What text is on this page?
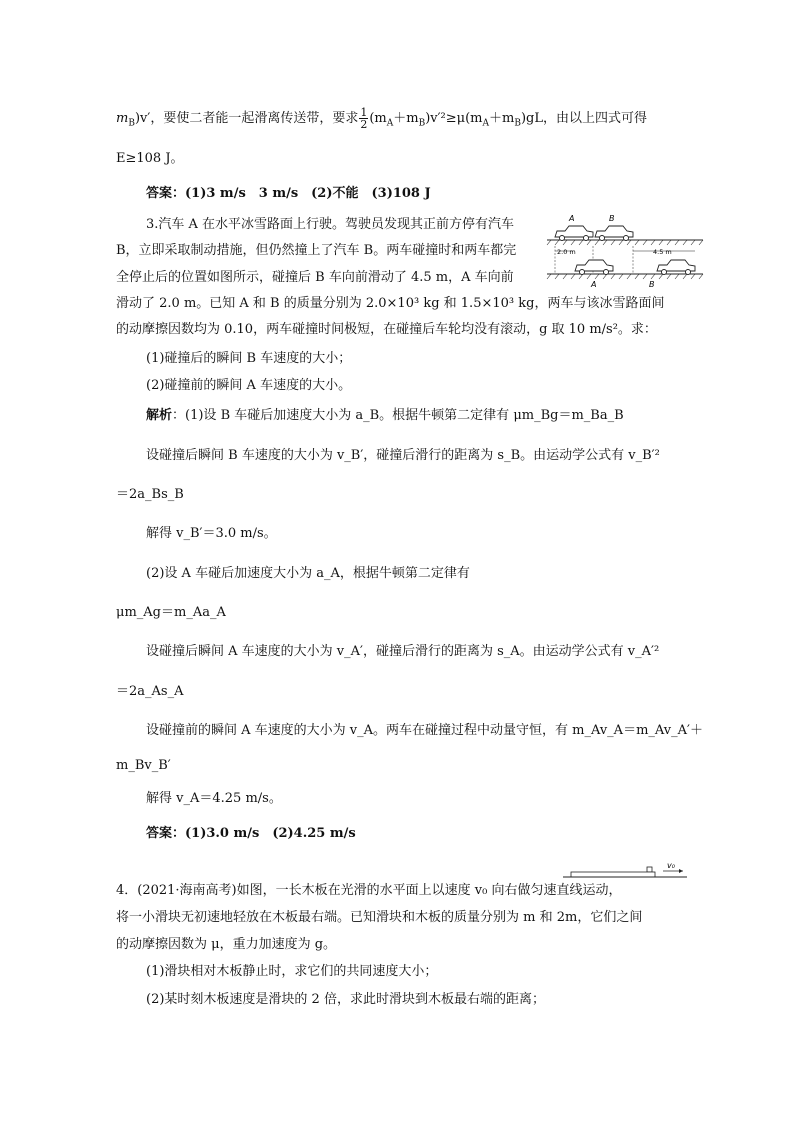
$m_B)v'$，要使二者能一起滑离传送带，要求 $\frac{1}{2} (m_A+m_B)v'^2\ge\mu(m_A+m_B)gL$，由以上四式可得
E≥108 J。
答案：(1)3 m/s　3 m/s　(2)不能　(3)108 J
3.汽车 A 在水平冰雪路面上行驶。驾驶员发现其正前方停有汽车
B，立即采取制动措施，但仍然撞上了汽车 B。两车碰撞时和两车都完
全停止后的位置如图所示，碰撞后 B 车向前滑动了 4.5 m，A 车向前
滑动了 2.0 m。已知 A 和 B 的质量分别为 2.0×10³ kg 和 1.5×10³ kg，两车与该冰雪路面间
的动摩擦因数均为 0.10，两车碰撞时间极短，在碰撞后车轮均没有滚动，g 取 10 m/s²。求：
(1)碰撞后的瞬间 B 车速度的大小；
(2)碰撞前的瞬间 A 车速度的大小。
A	B
2.0 m	4.5 m
A	B
解析：(1)设 B 车碰后加速度大小为 a_B。根据牛顿第二定律有 μm_Bg＝m_Ba_B
设碰撞后瞬间 B 车速度的大小为 v_B′，碰撞后滑行的距离为 s_B。由运动学公式有 v_B′²
＝2a_Bs_B
解得 v_B′＝3.0 m/s。
(2)设 A 车碰后加速度大小为 a_A，根据牛顿第二定律有
μm_Ag＝m_Aa_A
设碰撞后瞬间 A 车速度的大小为 v_A′，碰撞后滑行的距离为 s_A。由运动学公式有 v_A′²
＝2a_As_A
设碰撞前的瞬间 A 车速度的大小为 v_A。两车在碰撞过程中动量守恒，有 m_Av_A＝m_Av_A′＋
m_Bv_B′
解得 v_A＝4.25 m/s。
答案：(1)3.0 m/s　(2)4.25 m/s
v₀
4．(2021·海南高考)如图，一长木板在光滑的水平面上以速度 v₀ 向右做匀速直线运动，
将一小滑块无初速地轻放在木板最右端。已知滑块和木板的质量分别为 m 和 2m，它们之间
的动摩擦因数为 μ，重力加速度为 g。
(1)滑块相对木板静止时，求它们的共同速度大小；
(2)某时刻木板速度是滑块的 2 倍，求此时滑块到木板最右端的距离；
